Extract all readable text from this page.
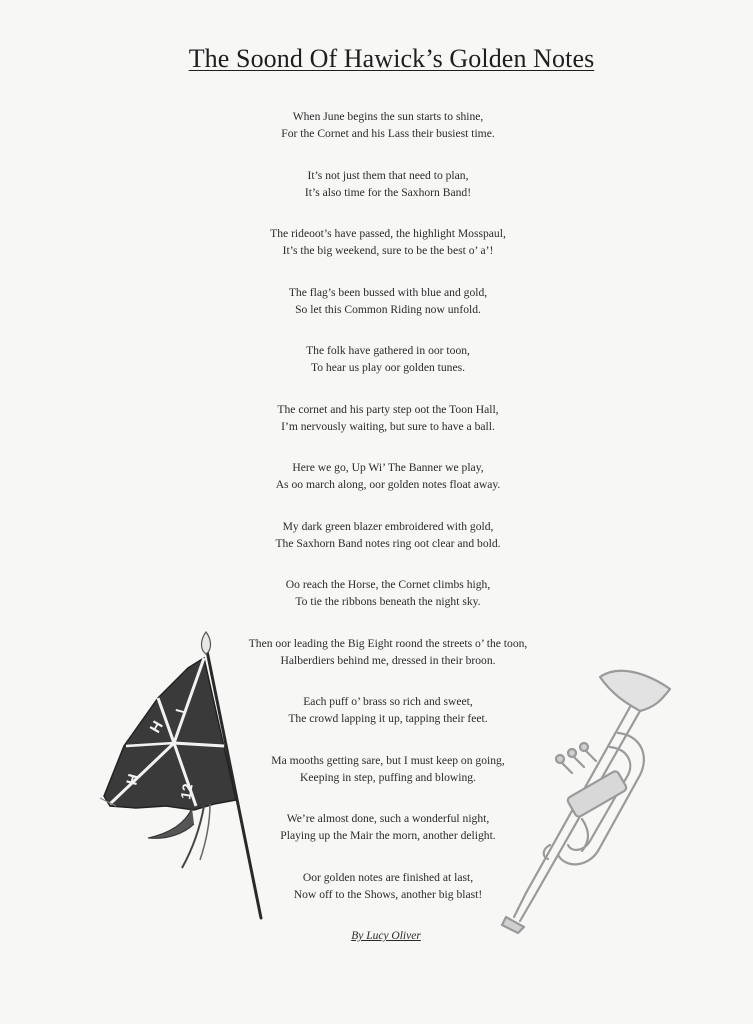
The Soond Of Hawick’s Golden Notes
When June begins the sun starts to shine,
For the Cornet and his Lass their busiest time.
It’s not just them that need to plan,
It’s also time for the Saxhorn Band!
The rideoot’s have passed, the highlight Mosspaul,
It’s the big weekend, sure to be the best o’ a’!
The flag’s been bussed with blue and gold,
So let this Common Riding now unfold.
The folk have gathered in oor toon,
To hear us play oor golden tunes.
The cornet and his party step oot the Toon Hall,
I’m nervously waiting, but sure to have a ball.
Here we go, Up Wi’ The Banner we play,
As oo march along, oor golden notes float away.
My dark green blazer embroidered with gold,
The Saxhorn Band notes ring oot clear and bold.
Oo reach the Horse, the Cornet climbs high,
To tie the ribbons beneath the night sky.
Then oor leading the Big Eight roond the streets o’ the toon,
Halberdiers behind me, dressed in their broon.
Each puff o’ brass so rich and sweet,
The crowd lapping it up, tapping their feet.
Ma mooths getting sare, but I must keep on going,
Keeping in step, puffing and blowing.
We’re almost done, such a wonderful night,
Playing up the Mair the morn, another delight.
Oor golden notes are finished at last,
Now off to the Shows, another big blast!
By Lucy Oliver
H
H
I
12
